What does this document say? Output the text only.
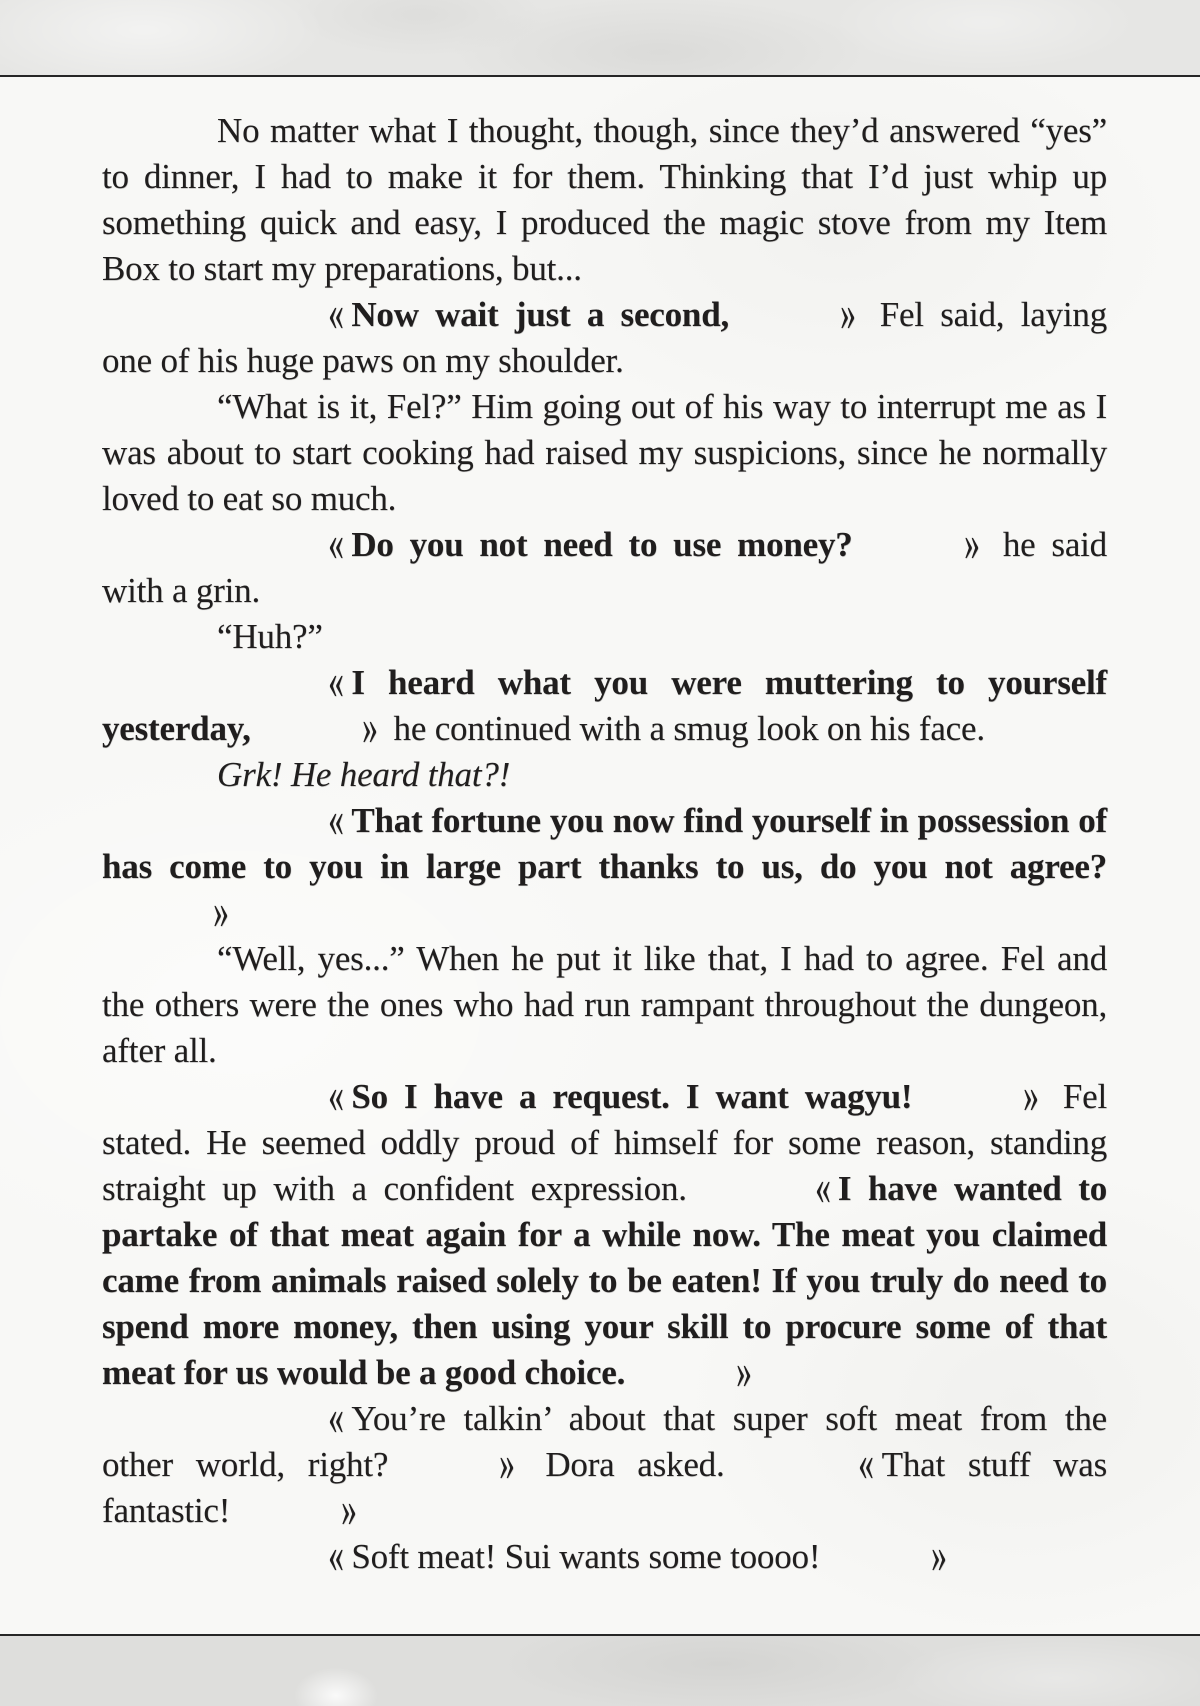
No matter what I thought, though, since they’d answered “yes” to dinner, I had to make it for them. Thinking that I’d just whip up something quick and easy, I produced the magic stove from my Item Box to start my preparations, but...

« Now wait just a second,	» Fel said, laying one of his huge paws on my shoulder.

“What is it, Fel?” Him going out of his way to interrupt me as I was about to start cooking had raised my suspicions, since he normally loved to eat so much.

« Do you not need to use money?	» he said with a grin.

“Huh?”

« I heard what you were muttering to yourself yesterday,	» he continued with a smug look on his face.

Grk! He heard that?!

« That fortune you now find yourself in possession of has come to you in large part thanks to us, do you not agree?»

“Well, yes...” When he put it like that, I had to agree. Fel and the others were the ones who had run rampant throughout the dungeon, after all.

« So I have a request. I want wagyu!	» Fel stated. He seemed oddly proud of himself for some reason, standing straight up with a confident expression.	« I have wanted to partake of that meat again for a while now. The meat you claimed came from animals raised solely to be eaten! If you truly do need to spend more money, then using your skill to procure some of that meat for us would be a good choice.	»

« You’re talkin’ about that super soft meat from the other world, right?	» Dora asked.	« That stuff was fantastic!	»

« Soft meat! Sui wants some toooo!	»
